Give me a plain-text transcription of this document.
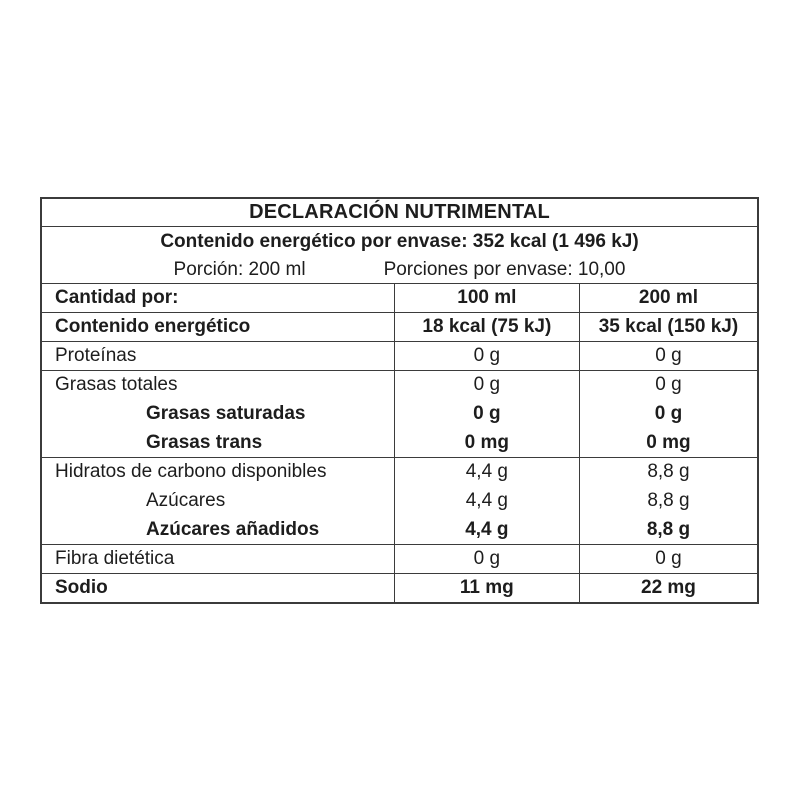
DECLARACIÓN NUTRIMENTAL
Contenido energético por envase: 352 kcal (1 496 kJ)
Porción: 200 ml	Porciones por envase: 10,00
Cantidad por:	100 ml	200 ml
Contenido energético	18 kcal (75 kJ)	35 kcal (150 kJ)
Proteínas	0 g	0 g
Grasas totales	0 g	0 g
Grasas saturadas	0 g	0 g
Grasas trans	0 mg	0 mg
Hidratos de carbono disponibles	4,4 g	8,8 g
Azúcares	4,4 g	8,8 g
Azúcares añadidos	4,4 g	8,8 g
Fibra dietética	0 g	0 g
Sodio	11 mg	22 mg
